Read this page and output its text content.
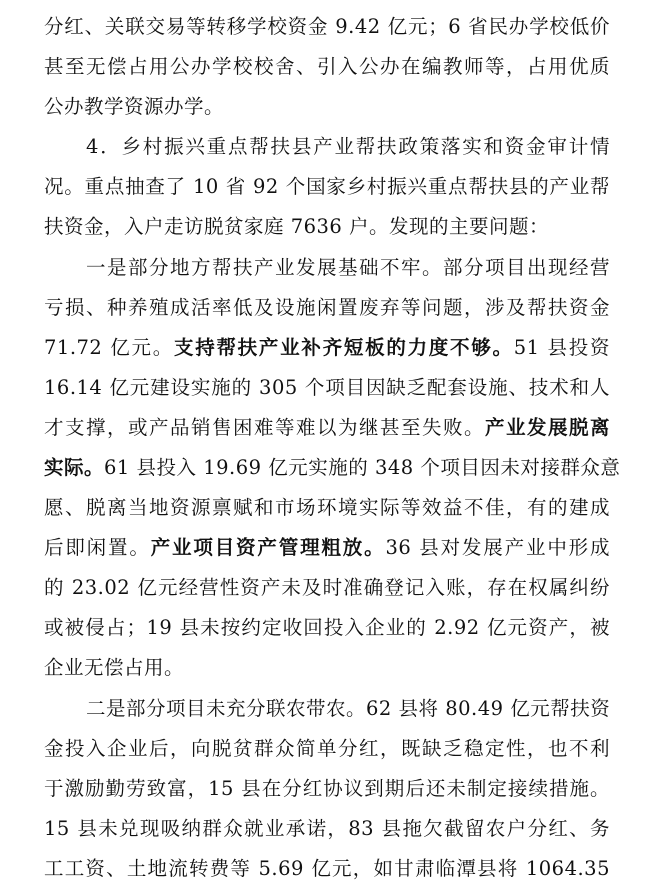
分红、关联交易等转移学校资金 9.42 亿元；6 省民办学校低价
甚至无偿占用公办学校校舍、引入公办在编教师等，占用优质
公办教学资源办学。
4．乡村振兴重点帮扶县产业帮扶政策落实和资金审计情
况。重点抽查了 10 省 92 个国家乡村振兴重点帮扶县的产业帮
扶资金，入户走访脱贫家庭 7636 户。发现的主要问题：
一是部分地方帮扶产业发展基础不牢。部分项目出现经营
亏损、种养殖成活率低及设施闲置废弃等问题，涉及帮扶资金
71.72 亿元。支持帮扶产业补齐短板的力度不够。51 县投资
16.14 亿元建设实施的 305 个项目因缺乏配套设施、技术和人
才支撑，或产品销售困难等难以为继甚至失败。产业发展脱离
实际。61 县投入 19.69 亿元实施的 348 个项目因未对接群众意
愿、脱离当地资源禀赋和市场环境实际等效益不佳，有的建成
后即闲置。产业项目资产管理粗放。36 县对发展产业中形成
的 23.02 亿元经营性资产未及时准确登记入账，存在权属纠纷
或被侵占；19 县未按约定收回投入企业的 2.92 亿元资产，被
企业无偿占用。
二是部分项目未充分联农带农。62 县将 80.49 亿元帮扶资
金投入企业后，向脱贫群众简单分红，既缺乏稳定性，也不利
于激励勤劳致富，15 县在分红协议到期后还未制定接续措施。
15 县未兑现吸纳群众就业承诺，83 县拖欠截留农户分红、务
工工资、土地流转费等 5.69 亿元，如甘肃临潭县将 1064.35
